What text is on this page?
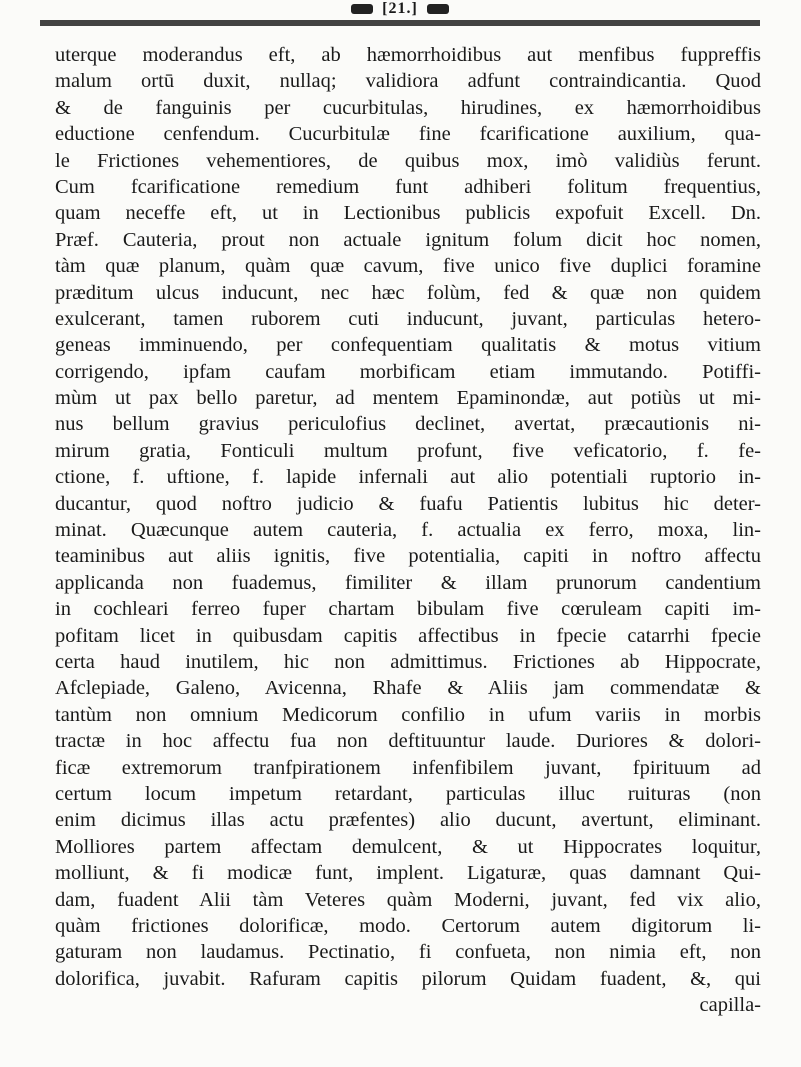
[21.]
uterque moderandus eft, ab hæmorrhoidibus aut menfibus fuppreffis
malum ortū duxit, nullaq; validiora adfunt contraindicantia. Quod
& de fanguinis per cucurbitulas, hirudines, ex hæmorrhoidibus
eductione cenfendum. Cucurbitulæ fine fcarificatione auxilium, qua-
le Frictiones vehementiores, de quibus mox, imò validiùs ferunt.
Cum fcarificatione remedium funt adhiberi folitum frequentius,
quam neceffe eft, ut in Lectionibus publicis expofuit Excell. Dn.
Præf. Cauteria, prout non actuale ignitum folum dicit hoc nomen,
tàm quæ planum, quàm quæ cavum, five unico five duplici foramine
præditum ulcus inducunt, nec hæc folùm, fed & quæ non quidem
exulcerant, tamen ruborem cuti inducunt, juvant, particulas hetero-
geneas imminuendo, per confequentiam qualitatis & motus vitium
corrigendo, ipfam caufam morbificam etiam immutando. Potiffi-
mùm ut pax bello paretur, ad mentem Epaminondæ, aut potiùs ut mi-
nus bellum gravius periculofius declinet, avertat, præcautionis ni-
mirum gratia, Fonticuli multum profunt, five veficatorio, f. fe-
ctione, f. uftione, f. lapide infernali aut alio potentiali ruptorio in-
ducantur, quod noftro judicio & fuafu Patientis lubitus hic deter-
minat. Quæcunque autem cauteria, f. actualia ex ferro, moxa, lin-
teaminibus aut aliis ignitis, five potentialia, capiti in noftro affectu
applicanda non fuademus, fimiliter & illam prunorum candentium
in cochleari ferreo fuper chartam bibulam five cœruleam capiti im-
pofitam licet in quibusdam capitis affectibus in fpecie catarrhi fpecie
certa haud inutilem, hic non admittimus. Frictiones ab Hippocrate,
Afclepiade, Galeno, Avicenna, Rhafe & Aliis jam commendatæ &
tantùm non omnium Medicorum confilio in ufum variis in morbis
tractæ in hoc affectu fua non deftituuntur laude. Duriores & dolori-
ficæ extremorum tranfpirationem infenfibilem juvant, fpirituum ad
certum locum impetum retardant, particulas illuc ruituras (non
enim dicimus illas actu præfentes) alio ducunt, avertunt, eliminant.
Molliores partem affectam demulcent, & ut Hippocrates loquitur,
molliunt, & fi modicæ funt, implent. Ligaturæ, quas damnant Qui-
dam, fuadent Alii tàm Veteres quàm Moderni, juvant, fed vix alio,
quàm frictiones dolorificæ, modo. Certorum autem digitorum li-
gaturam non laudamus. Pectinatio, fi confueta, non nimia eft, non
dolorifica, juvabit. Rafuram capitis pilorum Quidam fuadent, &, qui
capilla-
